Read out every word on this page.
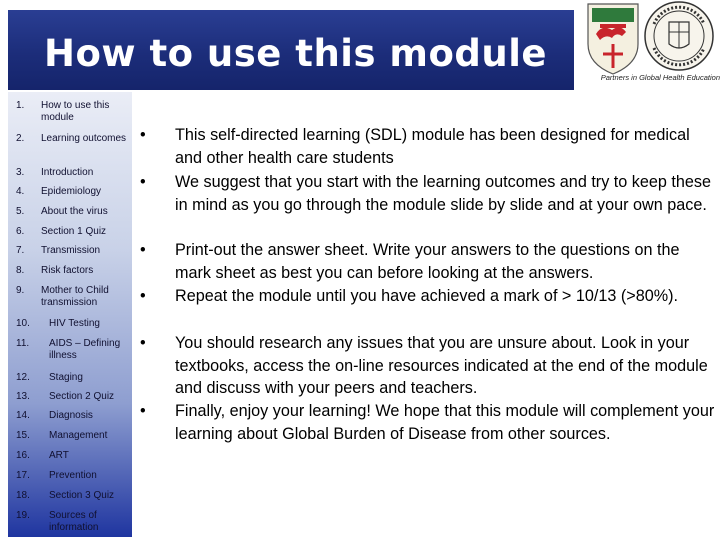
How to use this module
Partners in Global Health Education
1. How to use this module
2. Learning outcomes
3. Introduction
4. Epidemiology
5. About the virus
6. Section 1 Quiz
7. Transmission
8. Risk factors
9. Mother to Child transmission
10. HIV Testing
11. AIDS – Defining illness
12. Staging
13. Section 2 Quiz
14. Diagnosis
15. Management
16. ART
17. Prevention
18. Section 3 Quiz
19. Sources of information
• This self-directed learning (SDL) module has been designed for medical and other health care students
• We suggest that you start with the learning outcomes and try to keep these in mind as you go through the module slide by slide and at your own pace.
• Print-out the answer sheet. Write your answers to the questions on the mark sheet as best you can before looking at the answers.
• Repeat the module until you have achieved a mark of > 10/13 (>80%).
• You should research any issues that you are unsure about. Look in your textbooks, access the on-line resources indicated at the end of the module and discuss with your peers and teachers.
• Finally, enjoy your learning! We hope that this module will complement your learning about Global Burden of Disease from other sources.
